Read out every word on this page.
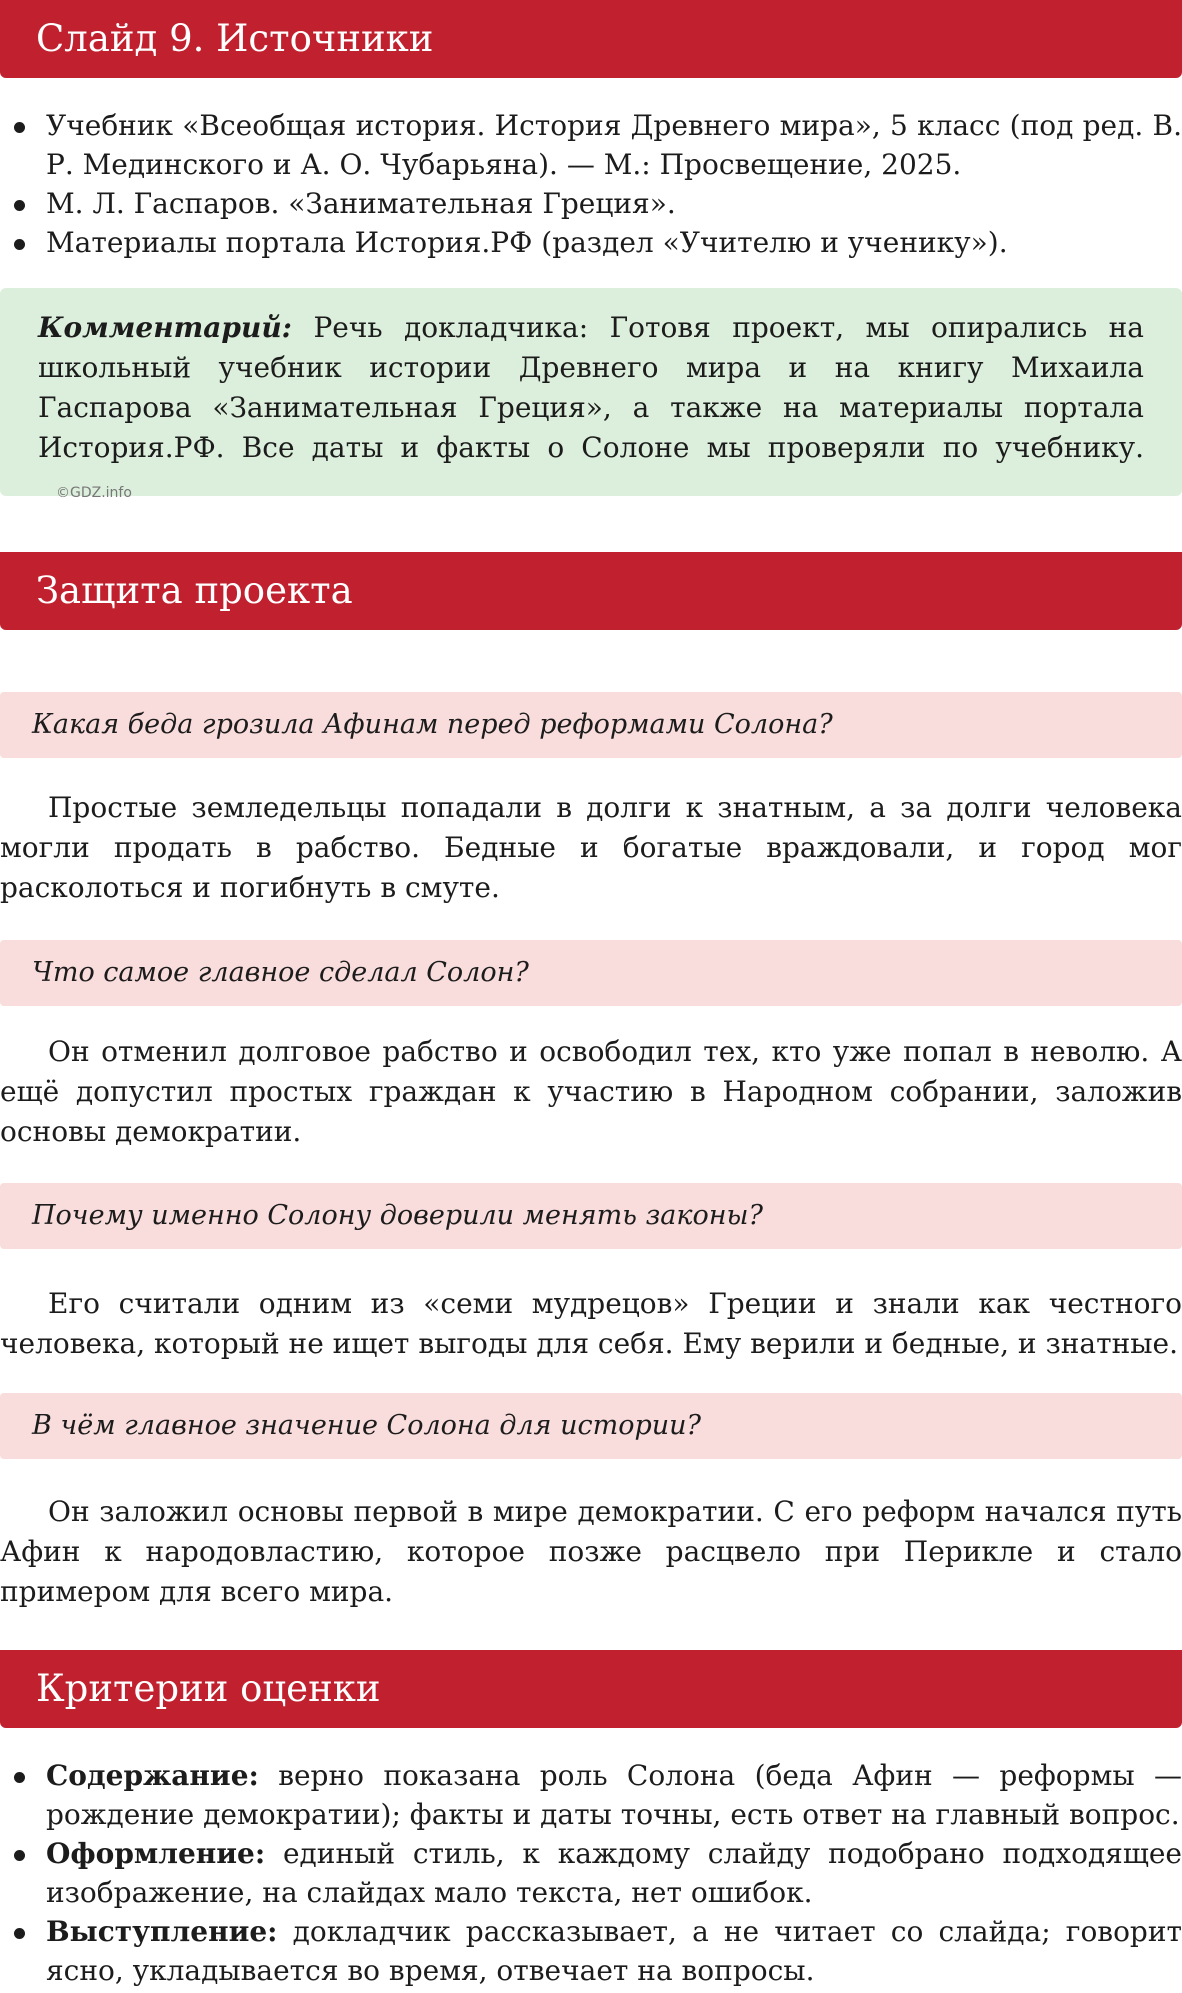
Слайд 9. Источники
Учебник «Всеобщая история. История Древнего мира», 5 класс (под ред. В. Р. Мединского и А. О. Чубарьяна). — М.: Просвещение, 2025.
М. Л. Гаспаров. «Занимательная Греция».
Материалы портала История.РФ (раздел «Учителю и ученику»).
Комментарий: Речь докладчика: Готовя проект, мы опирались на школьный учебник истории Древнего мира и на книгу Михаила Гаспарова «Занимательная Греция», а также на материалы портала История.РФ. Все даты и факты о Солоне мы проверяли по учебнику. ©GDZ.info
Защита проекта
Какая беда грозила Афинам перед реформами Солона?

Простые земледельцы попадали в долги к знатным, а за долги человека могли продать в рабство. Бедные и богатые враждовали, и город мог расколоться и погибнуть в смуте.

Что самое главное сделал Солон?

Он отменил долговое рабство и освободил тех, кто уже попал в неволю. А ещё допустил простых граждан к участию в Народном собрании, заложив основы демократии.

Почему именно Солону доверили менять законы?

Его считали одним из «семи мудрецов» Греции и знали как честного человека, который не ищет выгоды для себя. Ему верили и бедные, и знатные.

В чём главное значение Солона для истории?

Он заложил основы первой в мире демократии. С его реформ начался путь Афин к народовластию, которое позже расцвело при Перикле и стало примером для всего мира.

Критерии оценки
Содержание: верно показана роль Солона (беда Афин — реформы — рождение демократии); факты и даты точны, есть ответ на главный вопрос.
Оформление: единый стиль, к каждому слайду подобрано подходящее изображение, на слайдах мало текста, нет ошибок.
Выступление: докладчик рассказывает, а не читает со слайда; говорит ясно, укладывается во время, отвечает на вопросы.
